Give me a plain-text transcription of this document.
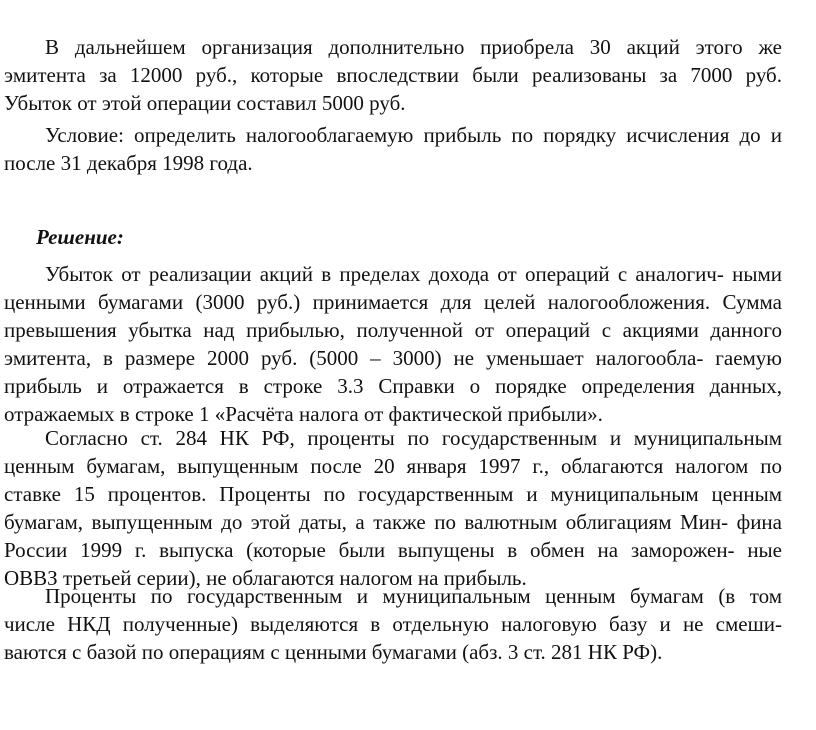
В дальнейшем организация дополнительно приобрела 30 акций этого же
эмитента за 12000 руб., которые впоследствии были реализованы за 7000 руб.
Убыток от этой операции составил 5000 руб.

Условие: определить налогооблагаемую прибыль по порядку исчисления до и
после 31 декабря 1998 года.

Решение:

Убыток от реализации акций в пределах дохода от операций с аналогич- ными
ценными бумагами (3000 руб.) принимается для целей налогообложения. Сумма
превышения убытка над прибылью, полученной от операций с акциями данного
эмитента, в размере 2000 руб. (5000 – 3000) не уменьшает налогообла- гаемую
прибыль и отражается в строке 3.3 Справки о порядке определения данных,
отражаемых в строке 1 «Расчёта налога от фактической прибыли».

Согласно ст. 284 НК РФ, проценты по государственным и муниципальным
ценным бумагам, выпущенным после 20 января 1997 г., облагаются налогом по
ставке 15 процентов. Проценты по государственным и муниципальным ценным
бумагам, выпущенным до этой даты, а также по валютным облигациям Мин- фина
России 1999 г. выпуска (которые были выпущены в обмен на заморожен- ные
ОВВЗ третьей серии), не облагаются налогом на прибыль.

Проценты по государственным и муниципальным ценным бумагам (в том
числе НКД полученные) выделяются в отдельную налоговую базу и не смеши-
ваются с базой по операциям с ценными бумагами (абз. 3 ст. 281 НК РФ).
